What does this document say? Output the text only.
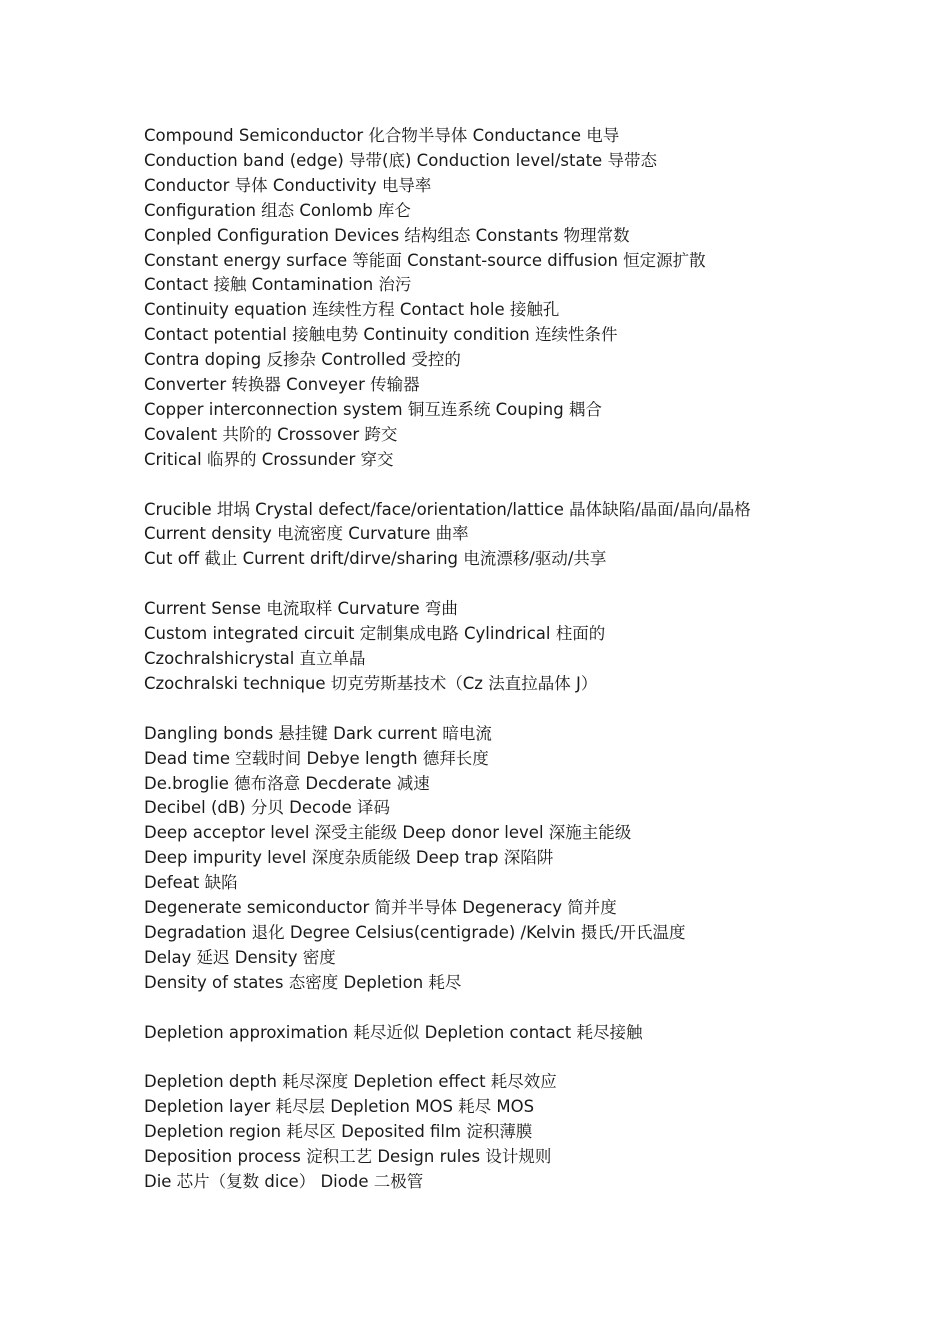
Compound Semiconductor 化合物半导体 Conductance 电导
Conduction band (edge) 导带(底) Conduction level/state 导带态
Conductor 导体 Conductivity 电导率
Configuration 组态 Conlomb 库仑
Conpled Configuration Devices 结构组态 Constants 物理常数
Constant energy surface 等能面 Constant-source diffusion 恒定源扩散
Contact 接触 Contamination 治污
Continuity equation 连续性方程 Contact hole 接触孔
Contact potential 接触电势 Continuity condition 连续性条件
Contra doping 反掺杂 Controlled 受控的
Converter 转换器 Conveyer 传输器
Copper interconnection system 铜互连系统 Couping 耦合
Covalent 共阶的 Crossover 跨交
Critical 临界的 Crossunder 穿交
Crucible 坩埚 Crystal defect/face/orientation/lattice 晶体缺陷/晶面/晶向/晶格
Current density 电流密度 Curvature 曲率
Cut off 截止 Current drift/dirve/sharing 电流漂移/驱动/共享
Current Sense 电流取样 Curvature 弯曲
Custom integrated circuit 定制集成电路 Cylindrical 柱面的
Czochralshicrystal 直立单晶
Czochralski technique 切克劳斯基技术（Cz 法直拉晶体 J）
Dangling bonds 悬挂键 Dark current 暗电流
Dead time 空载时间 Debye length 德拜长度
De.broglie 德布洛意 Decderate 减速
Decibel (dB) 分贝 Decode 译码
Deep acceptor level 深受主能级 Deep donor level 深施主能级
Deep impurity level 深度杂质能级 Deep trap 深陷阱
Defeat 缺陷
Degenerate semiconductor 简并半导体 Degeneracy 简并度
Degradation 退化 Degree Celsius(centigrade) /Kelvin 摄氏/开氏温度
Delay 延迟 Density 密度
Density of states 态密度 Depletion 耗尽
Depletion approximation 耗尽近似 Depletion contact 耗尽接触
Depletion depth 耗尽深度 Depletion effect 耗尽效应
Depletion layer 耗尽层 Depletion MOS 耗尽 MOS
Depletion region 耗尽区 Deposited film 淀积薄膜
Deposition process 淀积工艺 Design rules 设计规则
Die 芯片（复数 dice） Diode 二极管
